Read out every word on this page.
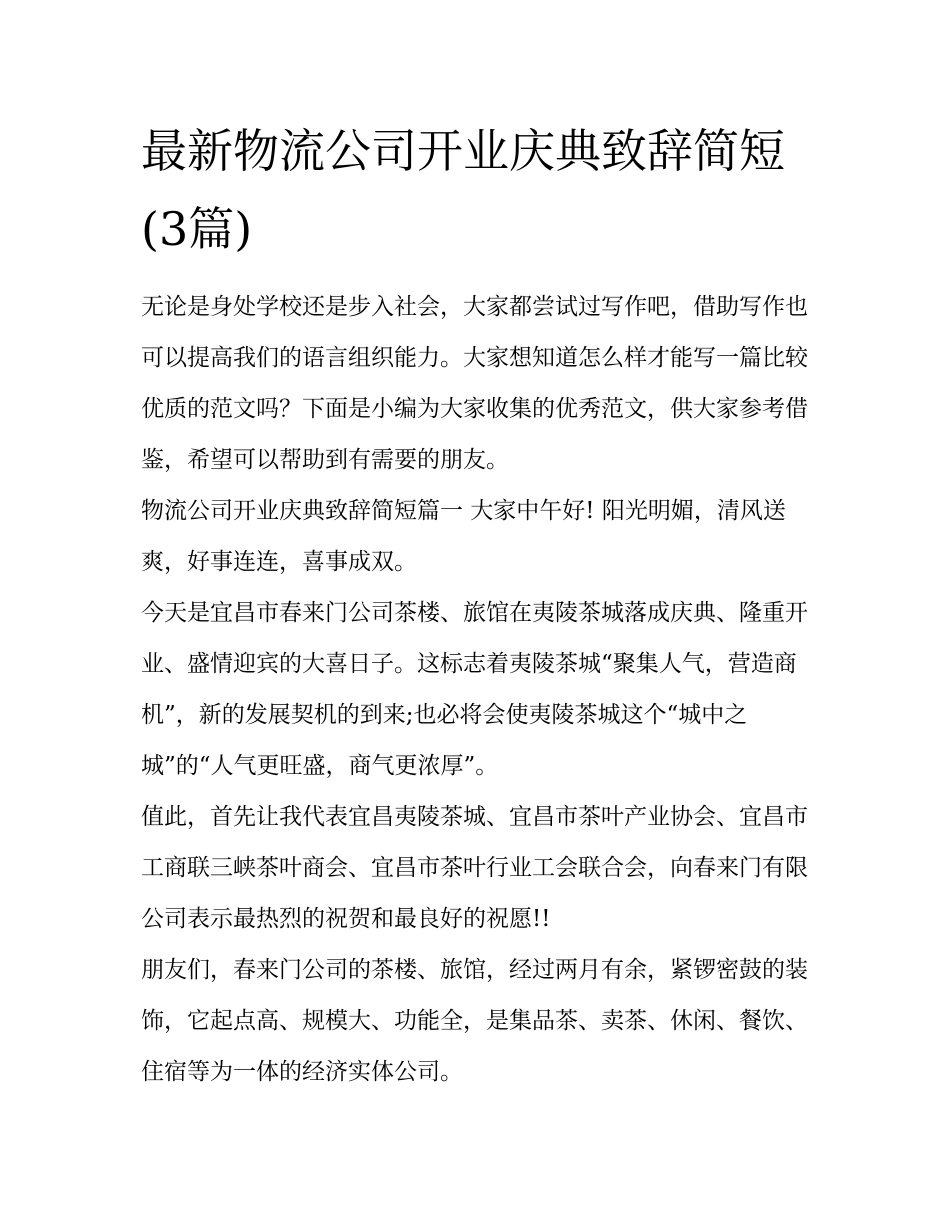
最新物流公司开业庆典致辞简短(3篇)

无论是身处学校还是步入社会，大家都尝试过写作吧，借助写作也可以提高我们的语言组织能力。大家想知道怎么样才能写一篇比较优质的范文吗？下面是小编为大家收集的优秀范文，供大家参考借鉴，希望可以帮助到有需要的朋友。

物流公司开业庆典致辞简短篇一 大家中午好! 阳光明媚，清风送爽，好事连连，喜事成双。

今天是宜昌市春来门公司茶楼、旅馆在夷陵茶城落成庆典、隆重开业、盛情迎宾的大喜日子。这标志着夷陵茶城“聚集人气，营造商机”，新的发展契机的到来;也必将会使夷陵茶城这个“城中之城”的“人气更旺盛，商气更浓厚”。

值此，首先让我代表宜昌夷陵茶城、宜昌市茶叶产业协会、宜昌市工商联三峡茶叶商会、宜昌市茶叶行业工会联合会，向春来门有限公司表示最热烈的祝贺和最良好的祝愿!!

朋友们，春来门公司的茶楼、旅馆，经过两月有余，紧锣密鼓的装饰，它起点高、规模大、功能全，是集品茶、卖茶、休闲、餐饮、住宿等为一体的经济实体公司。
